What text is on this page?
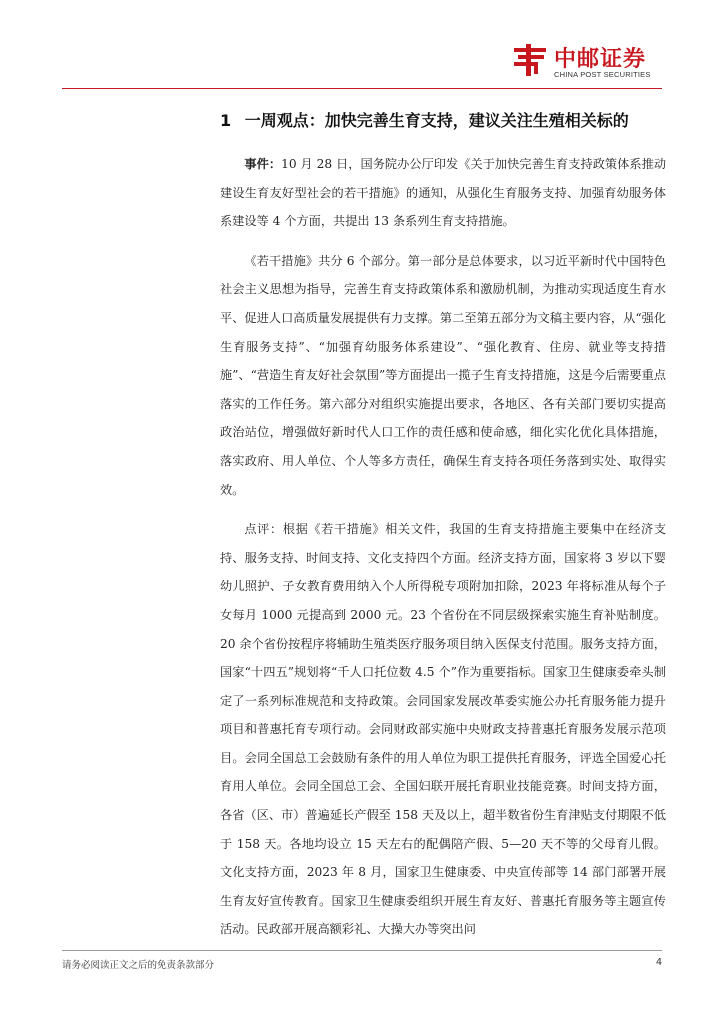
中邮证券
CHINA POST SECURITIES
1 一周观点：加快完善生育支持，建议关注生殖相关标的

事件：10 月 28 日，国务院办公厅印发《关于加快完善生育支持政策体系推动建设生育友好型社会的若干措施》的通知，从强化生育服务支持、加强育幼服务体系建设等 4 个方面，共提出 13 条系列生育支持措施。

《若干措施》共分 6 个部分。第一部分是总体要求，以习近平新时代中国特色社会主义思想为指导，完善生育支持政策体系和激励机制，为推动实现适度生育水平、促进人口高质量发展提供有力支撑。第二至第五部分为文稿主要内容，从“强化生育服务支持”、“加强育幼服务体系建设”、“强化教育、住房、就业等支持措施”、“营造生育友好社会氛围”等方面提出一揽子生育支持措施，这是今后需要重点落实的工作任务。第六部分对组织实施提出要求，各地区、各有关部门要切实提高政治站位，增强做好新时代人口工作的责任感和使命感，细化实化优化具体措施，落实政府、用人单位、个人等多方责任，确保生育支持各项任务落到实处、取得实效。

点评：根据《若干措施》相关文件，我国的生育支持措施主要集中在经济支持、服务支持、时间支持、文化支持四个方面。经济支持方面，国家将 3 岁以下婴幼儿照护、子女教育费用纳入个人所得税专项附加扣除，2023 年将标准从每个子女每月 1000 元提高到 2000 元。23 个省份在不同层级探索实施生育补贴制度。20 余个省份按程序将辅助生殖类医疗服务项目纳入医保支付范围。服务支持方面，国家“十四五”规划将“千人口托位数 4.5 个”作为重要指标。国家卫生健康委牵头制定了一系列标准规范和支持政策。会同国家发展改革委实施公办托育服务能力提升项目和普惠托育专项行动。会同财政部实施中央财政支持普惠托育服务发展示范项目。会同全国总工会鼓励有条件的用人单位为职工提供托育服务，评选全国爱心托育用人单位。会同全国总工会、全国妇联开展托育职业技能竞赛。时间支持方面，各省（区、市）普遍延长产假至 158 天及以上，超半数省份生育津贴支付期限不低于 158 天。各地均设立 15 天左右的配偶陪产假、5—20 天不等的父母育儿假。文化支持方面，2023 年 8 月，国家卫生健康委、中央宣传部等 14 部门部署开展生育友好宣传教育。国家卫生健康委组织开展生育友好、普惠托育服务等主题宣传活动。民政部开展高额彩礼、大操大办等突出问

请务必阅读正文之后的免责条款部分	4
